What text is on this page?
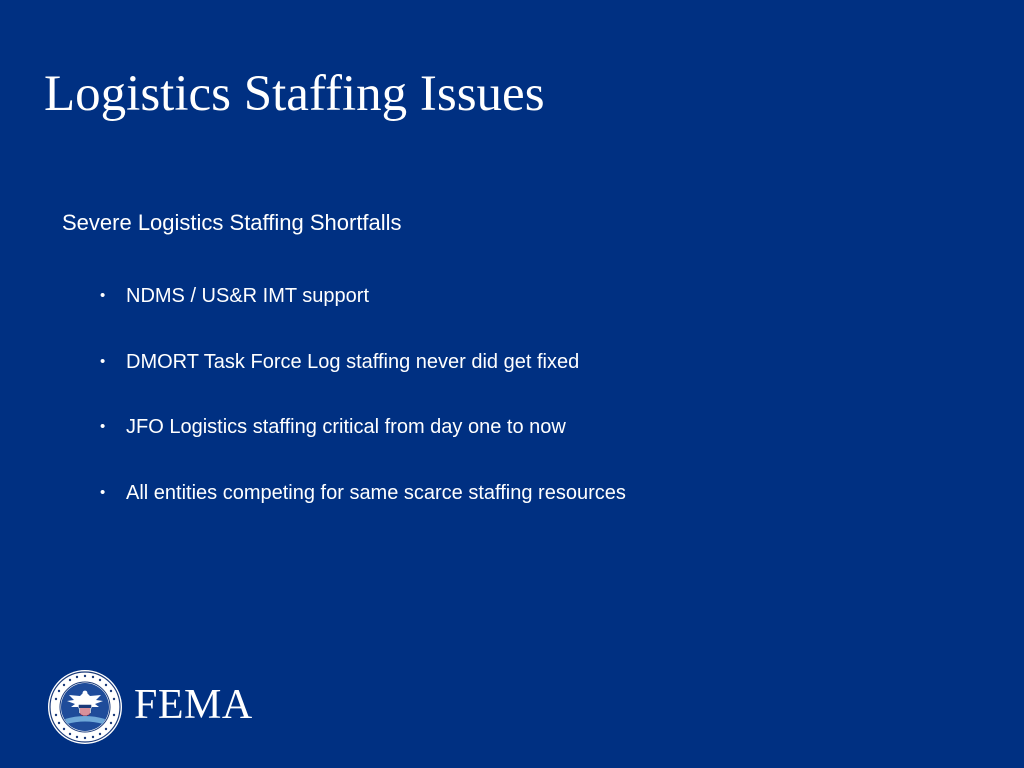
Logistics Staffing Issues

Severe Logistics Staffing Shortfalls

• NDMS / US&R IMT support
• DMORT Task Force Log staffing never did get fixed
• JFO Logistics staffing critical from day one to now
• All entities competing for same scarce staffing resources
FEMA
